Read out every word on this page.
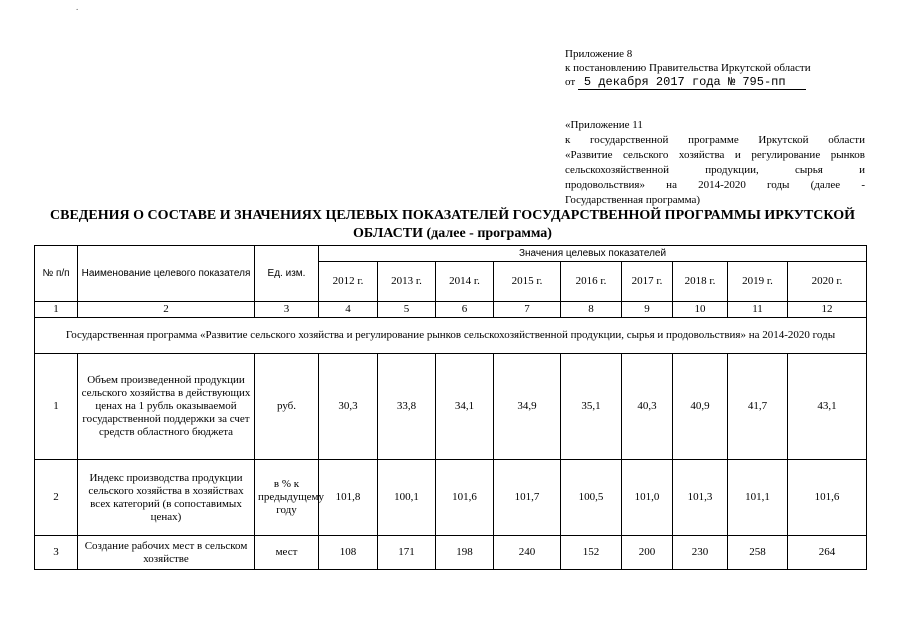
.
Приложение 8
к постановлению Правительства Иркутской области
от 5 декабря 2017 года № 795-пп
«Приложение 11
к государственной программе Иркутской области
«Развитие сельского хозяйства и регулирование рынков
сельскохозяйственной продукции, сырья и
продовольствия» на 2014-2020 годы (далее -
Государственная программа)
СВЕДЕНИЯ О СОСТАВЕ И ЗНАЧЕНИЯХ ЦЕЛЕВЫХ ПОКАЗАТЕЛЕЙ ГОСУДАРСТВЕННОЙ ПРОГРАММЫ ИРКУТСКОЙ ОБЛАСТИ (далее - программа)
№ п/п	Наименование целевого показателя	Ед. изм.	Значения целевых показателей								
			2012 г.	2013 г.	2014 г.	2015 г.	2016 г.	2017 г.	2018 г.	2019 г.	2020 г.
1	2	3	4	5	6	7	8	9	10	11	12
Государственная программа «Развитие сельского хозяйства и регулирование рынков сельскохозяйственной продукции, сырья и продовольствия» на 2014-2020 годы											
1	Объем произведенной продукции сельского хозяйства в действующих ценах на 1 рубль оказываемой государственной поддержки за счет средств областного бюджета	руб.	30,3	33,8	34,1	34,9	35,1	40,3	40,9	41,7	43,1
2	Индекс производства продукции сельского хозяйства в хозяйствах всех категорий (в сопоставимых ценах)	в % к предыдущему году	101,8	100,1	101,6	101,7	100,5	101,0	101,3	101,1	101,6
3	Создание рабочих мест в сельском хозяйстве	мест	108	171	198	240	152	200	230	258	264
